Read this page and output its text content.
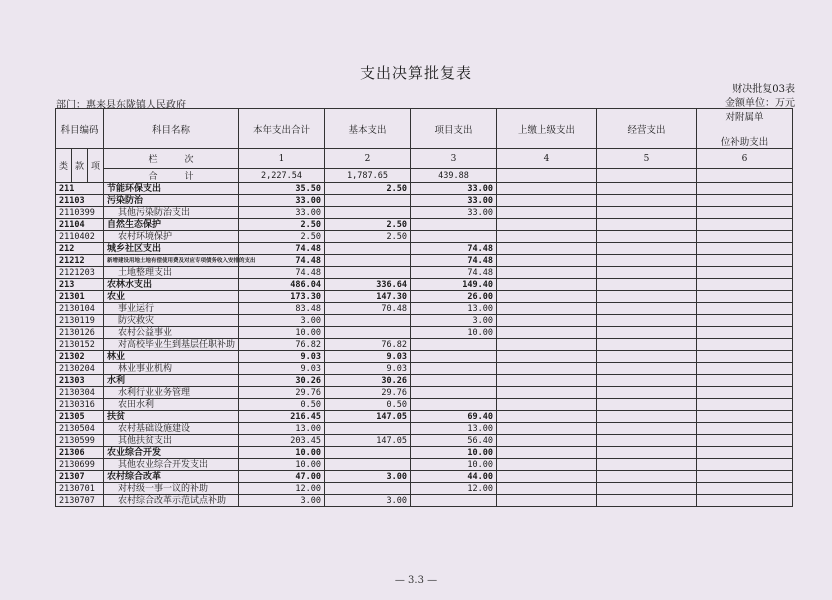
支出决算批复表
财决批复03表
金额单位：万元
部门：惠来县东陇镇人民政府
科目编码			科目名称	本年支出合计	基本支出	项目支出	上缴上级支出	经营支出	对附属单

位补助支出
类	款	项	栏　　　次	1	2	3	4	5	6

			合　　　计	2,227.54	1,787.65	439.88			
211			节能环保支出	35.50	2.50	33.00			
21103			污染防治	33.00		33.00			
2110399			其他污染防治支出	33.00		33.00			
21104			自然生态保护	2.50	2.50				
2110402			农村环境保护	2.50	2.50				
212			城乡社区支出	74.48		74.48			
21212			新增建设用地土地有偿使用费及对应专项债务收入安排的支出	74.48		74.48			
2121203			土地整理支出	74.48		74.48			
213			农林水支出	486.04	336.64	149.40			
21301			农业	173.30	147.30	26.00			
2130104			事业运行	83.48	70.48	13.00			
2130119			防灾救灾	3.00		3.00			
2130126			农村公益事业	10.00		10.00			
2130152			对高校毕业生到基层任职补助	76.82	76.82				
21302			林业	9.03	9.03				
2130204			林业事业机构	9.03	9.03				
21303			水利	30.26	30.26				
2130304			水利行业业务管理	29.76	29.76				
2130316			农田水利	0.50	0.50				
21305			扶贫	216.45	147.05	69.40			
2130504			农村基础设施建设	13.00		13.00			
2130599			其他扶贫支出	203.45	147.05	56.40			
21306			农业综合开发	10.00		10.00			
2130699			其他农业综合开发支出	10.00		10.00			
21307			农村综合改革	47.00	3.00	44.00			
2130701			对村级一事一议的补助	12.00		12.00			
2130707			农村综合改革示范试点补助	3.00	3.00				
— 3.3 —
